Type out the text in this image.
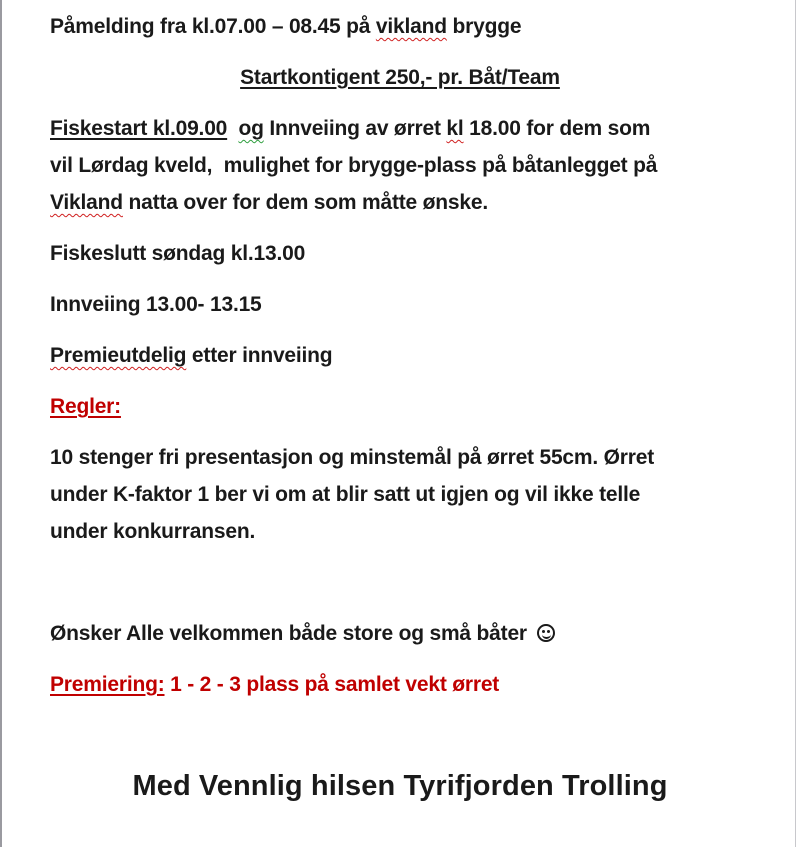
Påmelding fra kl.07.00 – 08.45 på vikland brygge
Startkontigent 250,- pr. Båt/Team
Fiskestart kl.09.00 og Innveiing av ørret kl 18.00 for dem som
vil Lørdag kveld,  mulighet for brygge-plass på båtanlegget på
Vikland natta over for dem som måtte ønske.
Fiskeslutt søndag kl.13.00
Innveiing 13.00- 13.15
Premieutdelig etter innveiing
Regler:
10 stenger fri presentasjon og minstemål på ørret 55cm. Ørret
under K-faktor 1 ber vi om at blir satt ut igjen og vil ikke telle
under konkurransen.
Ønsker Alle velkommen både store og små båter
Premiering: 1 - 2 - 3 plass på samlet vekt ørret
Med Vennlig hilsen Tyrifjorden Trolling
